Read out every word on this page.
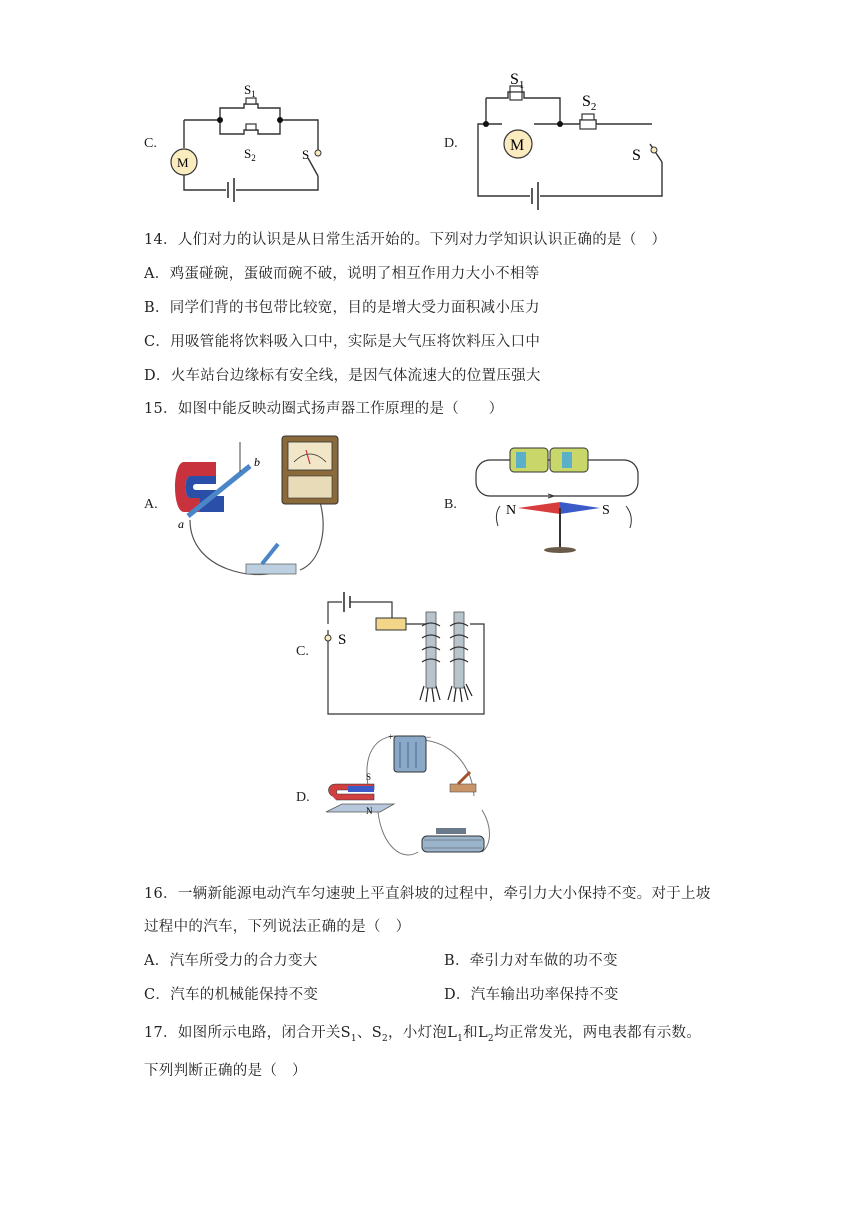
C.
M
$S_1$
$S_2$	S
D.	M
$S_1$
$S_2$
S
14．人们对力的认识是从日常生活开始的。下列对力学知识认识正确的是（　）
A．鸡蛋碰碗，蛋破而碗不破，说明了相互作用力大小不相等
B．同学们背的书包带比较宽，目的是增大受力面积减小压力
C．用吸管能将饮料吸入口中，实际是大气压将饮料压入口中
D．火车站台边缘标有安全线，是因气体流速大的位置压强大
15．如图中能反映动圈式扬声器工作原理的是（　　）
A.
b
a
B.	N	S
C.
S
D.
+	−
S
N
16．一辆新能源电动汽车匀速驶上平直斜坡的过程中，牵引力大小保持不变。对于上坡
过程中的汽车，下列说法正确的是（　）
A．汽车所受力的合力变大	B．牵引力对车做的功不变
C．汽车的机械能保持不变	D．汽车输出功率保持不变
17．如图所示电路，闭合开关$S_1$、$S_2$，小灯泡$L_1$和$L_2$均正常发光，两电表都有示数。
下列判断正确的是（　）
